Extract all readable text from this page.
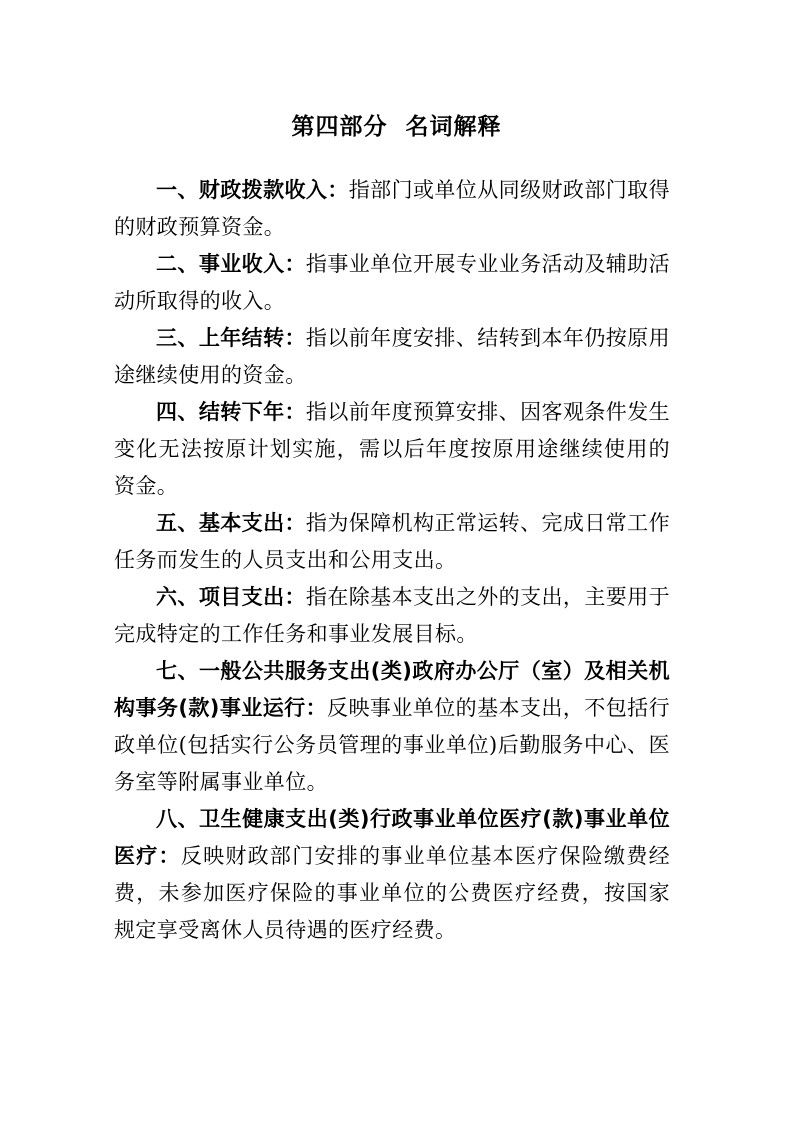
第四部分  名词解释

一、财政拨款收入：指部门或单位从同级财政部门取得的财政预算资金。

二、事业收入：指事业单位开展专业业务活动及辅助活动所取得的收入。

三、上年结转：指以前年度安排、结转到本年仍按原用途继续使用的资金。

四、结转下年：指以前年度预算安排、因客观条件发生变化无法按原计划实施，需以后年度按原用途继续使用的资金。

五、基本支出：指为保障机构正常运转、完成日常工作任务而发生的人员支出和公用支出。

六、项目支出：指在除基本支出之外的支出，主要用于完成特定的工作任务和事业发展目标。

七、一般公共服务支出(类)政府办公厅（室）及相关机构事务(款)事业运行：反映事业单位的基本支出，不包括行政单位(包括实行公务员管理的事业单位)后勤服务中心、医务室等附属事业单位。

八、卫生健康支出(类)行政事业单位医疗(款)事业单位医疗：反映财政部门安排的事业单位基本医疗保险缴费经费，未参加医疗保险的事业单位的公费医疗经费，按国家规定享受离休人员待遇的医疗经费。
